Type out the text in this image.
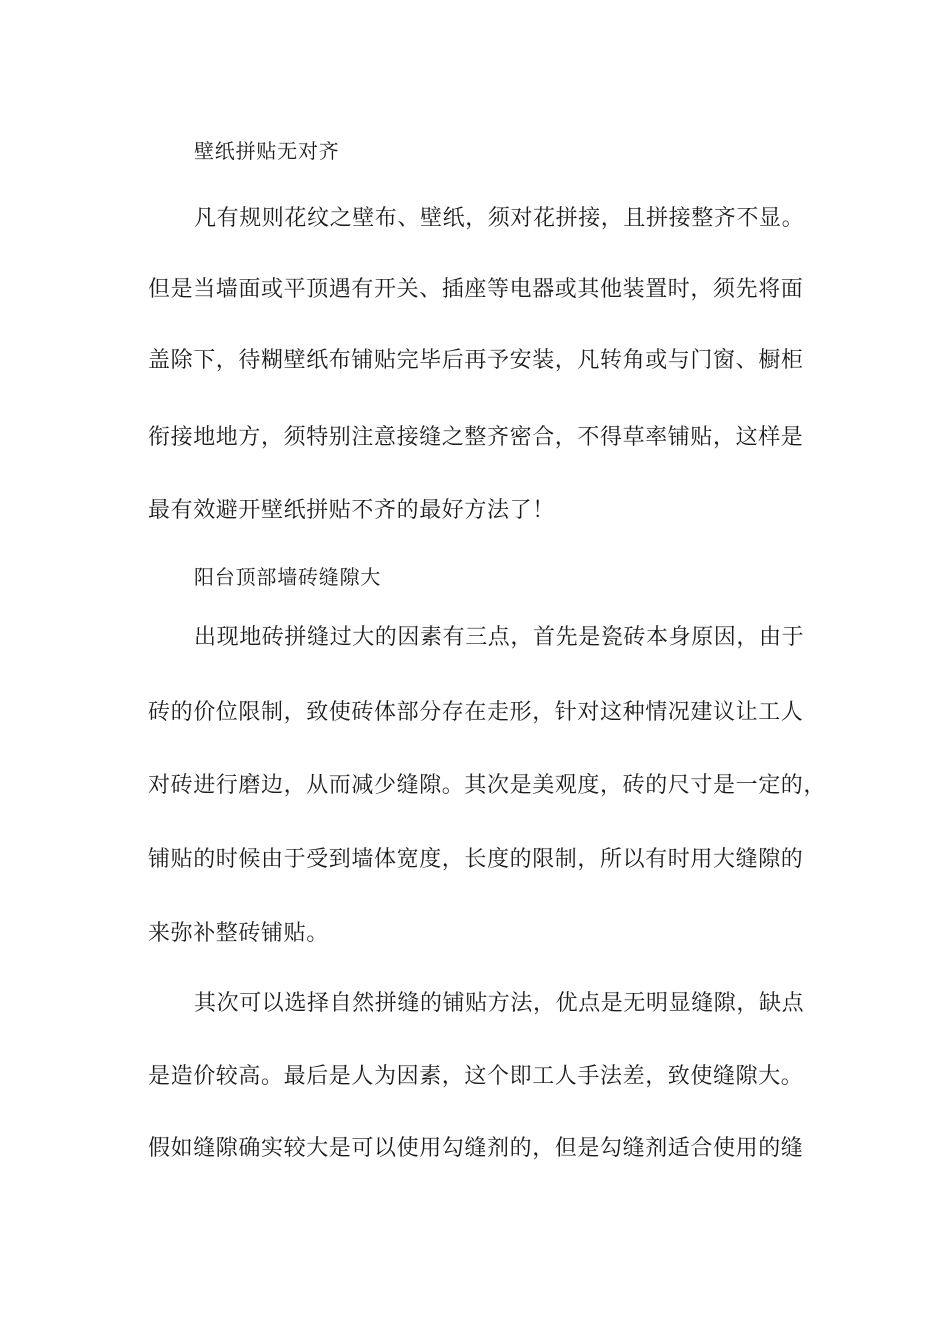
壁纸拼贴无对齐
凡有规则花纹之壁布、壁纸，须对花拼接，且拼接整齐不显。
但是当墙面或平顶遇有开关、插座等电器或其他装置时，须先将面
盖除下，待糊壁纸布铺贴完毕后再予安装，凡转角或与门窗、橱柜
衔接地地方，须特别注意接缝之整齐密合，不得草率铺贴，这样是
最有效避开壁纸拼贴不齐的最好方法了！
阳台顶部墙砖缝隙大
出现地砖拼缝过大的因素有三点，首先是瓷砖本身原因，由于
砖的价位限制，致使砖体部分存在走形，针对这种情况建议让工人
对砖进行磨边，从而减少缝隙。其次是美观度，砖的尺寸是一定的，
铺贴的时候由于受到墙体宽度，长度的限制，所以有时用大缝隙的
来弥补整砖铺贴。
其次可以选择自然拼缝的铺贴方法，优点是无明显缝隙，缺点
是造价较高。最后是人为因素，这个即工人手法差，致使缝隙大。
假如缝隙确实较大是可以使用勾缝剂的，但是勾缝剂适合使用的缝
